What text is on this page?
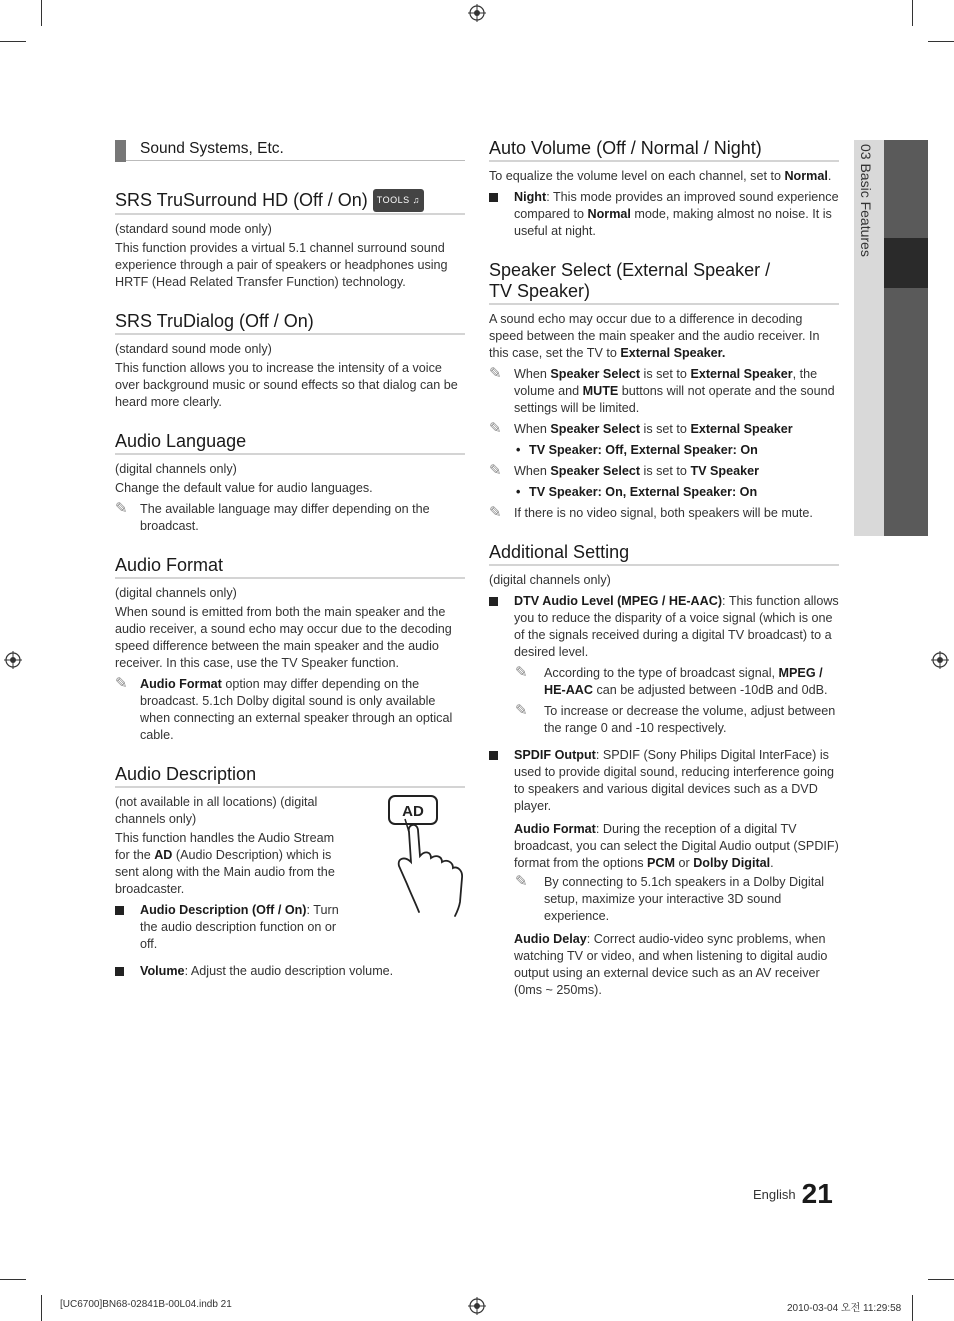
Sound Systems, Etc.
SRS TruSurround HD (Off / On) TOOLS ♫

(standard sound mode only)

This function provides a virtual 5.1 channel surround sound experience through a pair of speakers or headphones using HRTF (Head Related Transfer Function) technology.

SRS TruDialog (Off / On)

(standard sound mode only)

This function allows you to increase the intensity of a voice over background music or sound effects so that dialog can be heard more clearly.

Audio Language

(digital channels only)

Change the default value for audio languages.

✎ The available language may differ depending on the broadcast.
Audio Format

(digital channels only)

When sound is emitted from both the main speaker and the audio receiver, a sound echo may occur due to the decoding speed difference between the main speaker and the audio receiver. In this case, use the TV Speaker function.

✎ Audio Format option may differ depending on the broadcast. 5.1ch Dolby digital sound is only available when connecting an external speaker through an optical cable.
Audio Description
AD

(not available in all locations) (digital channels only)

This function handles the Audio Stream for the AD (Audio Description) which is sent along with the Main audio from the broadcaster.

Audio Description (Off / On): Turn the audio description function on or off.
Volume: Adjust the audio description volume.
Auto Volume (Off / Normal / Night)

To equalize the volume level on each channel, set to Normal.

Night: This mode provides an improved sound experience compared to Normal mode, making almost no noise. It is useful at night.
Speaker Select (External Speaker /
TV Speaker)

A sound echo may occur due to a difference in decoding speed between the main speaker and the audio receiver. In this case, set the TV to External Speaker.

✎ When Speaker Select is set to External Speaker, the volume and MUTE buttons will not operate and the sound settings will be limited.
✎ When Speaker Select is set to External Speaker
• TV Speaker: Off, External Speaker: On
✎ When Speaker Select is set to TV Speaker
• TV Speaker: On, External Speaker: On
✎ If there is no video signal, both speakers will be mute.
Additional Setting

(digital channels only)

DTV Audio Level (MPEG / HE-AAC): This function allows you to reduce the disparity of a voice signal (which is one of the signals received during a digital TV broadcast) to a desired level.
✎ According to the type of broadcast signal, MPEG / HE-AAC can be adjusted between -10dB and 0dB.
✎ To increase or decrease the volume, adjust between the range 0 and -10 respectively.
SPDIF Output: SPDIF (Sony Philips Digital InterFace) is used to provide digital sound, reducing interference going to speakers and various digital devices such as a DVD player.

Audio Format: During the reception of a digital TV broadcast, you can select the Digital Audio output (SPDIF) format from the options PCM or Dolby Digital.

✎ By connecting to 5.1ch speakers in a Dolby Digital setup, maximize your interactive 3D sound experience.

Audio Delay: Correct audio-video sync problems, when watching TV or video, and when listening to digital audio output using an external device such as an AV receiver (0ms ~ 250ms).

03 Basic Features
$^{English}$ 21
[UC6700]BN68-02841B-00L04.indb 21	2010-03-04 오전 11:29:58
